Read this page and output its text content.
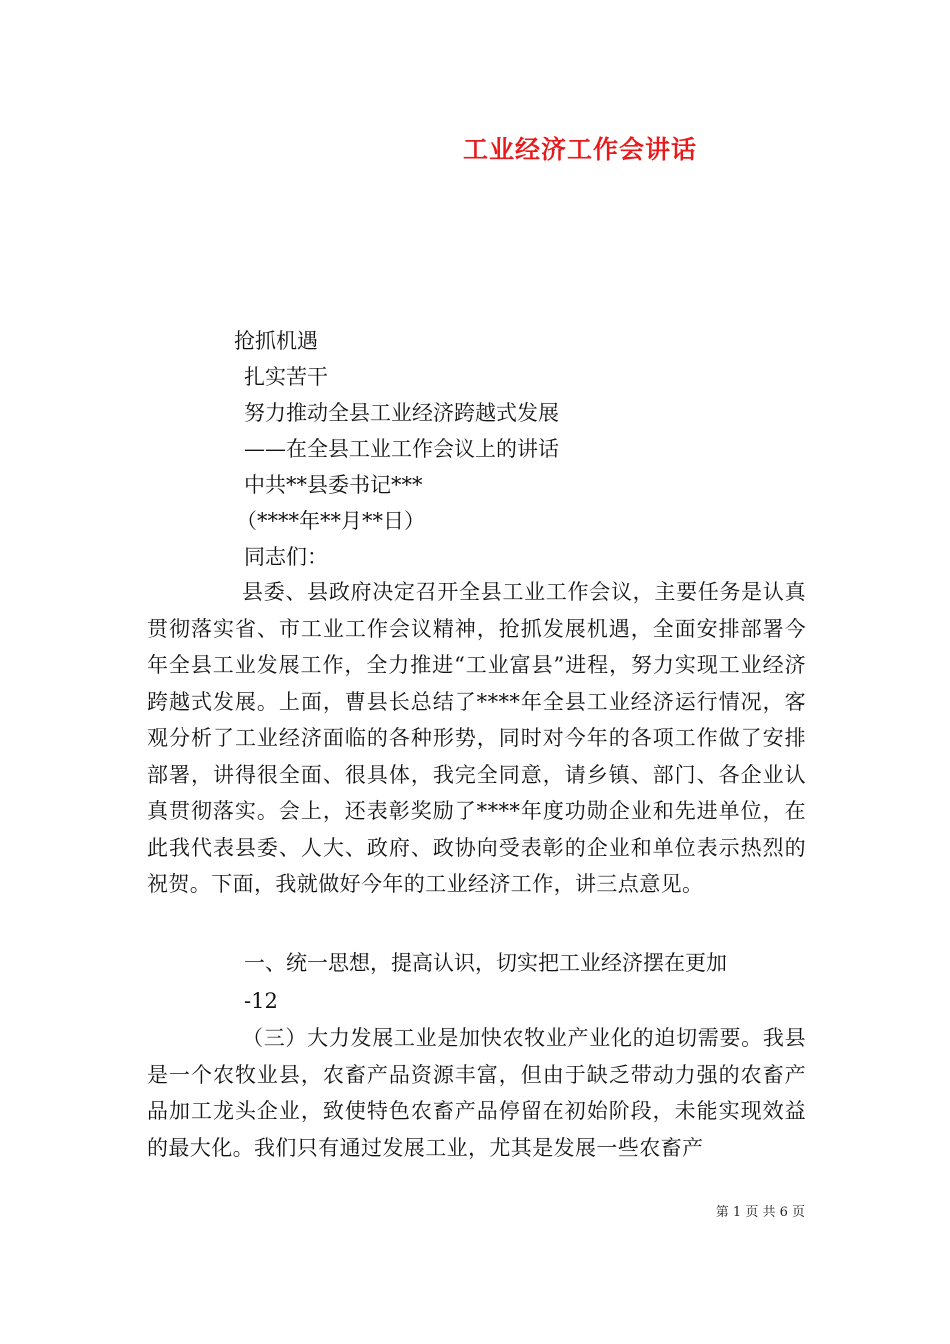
工业经济工作会讲话
抢抓机遇
扎实苦干
努力推动全县工业经济跨越式发展
——在全县工业工作会议上的讲话
中共**县委书记***
（****年**月**日）
同志们：
县委、县政府决定召开全县工业工作会议，主要任务是认真贯彻落实省、市工业工作会议精神，抢抓发展机遇，全面安排部署今年全县工业发展工作，全力推进“工业富县”进程，努力实现工业经济跨越式发展。上面，曹县长总结了****年全县工业经济运行情况，客观分析了工业经济面临的各种形势，同时对今年的各项工作做了安排部署，讲得很全面、很具体，我完全同意，请乡镇、部门、各企业认真贯彻落实。会上，还表彰奖励了****年度功勋企业和先进单位，在此我代表县委、人大、政府、政协向受表彰的企业和单位表示热烈的祝贺。下面，我就做好今年的工业经济工作，讲三点意见。
一、统一思想，提高认识，切实把工业经济摆在更加
-12
（三）大力发展工业是加快农牧业产业化的迫切需要。我县是一个农牧业县，农畜产品资源丰富，但由于缺乏带动力强的农畜产品加工龙头企业，致使特色农畜产品停留在初始阶段，未能实现效益的最大化。我们只有通过发展工业，尤其是发展一些农畜产
第 1 页 共 6 页
